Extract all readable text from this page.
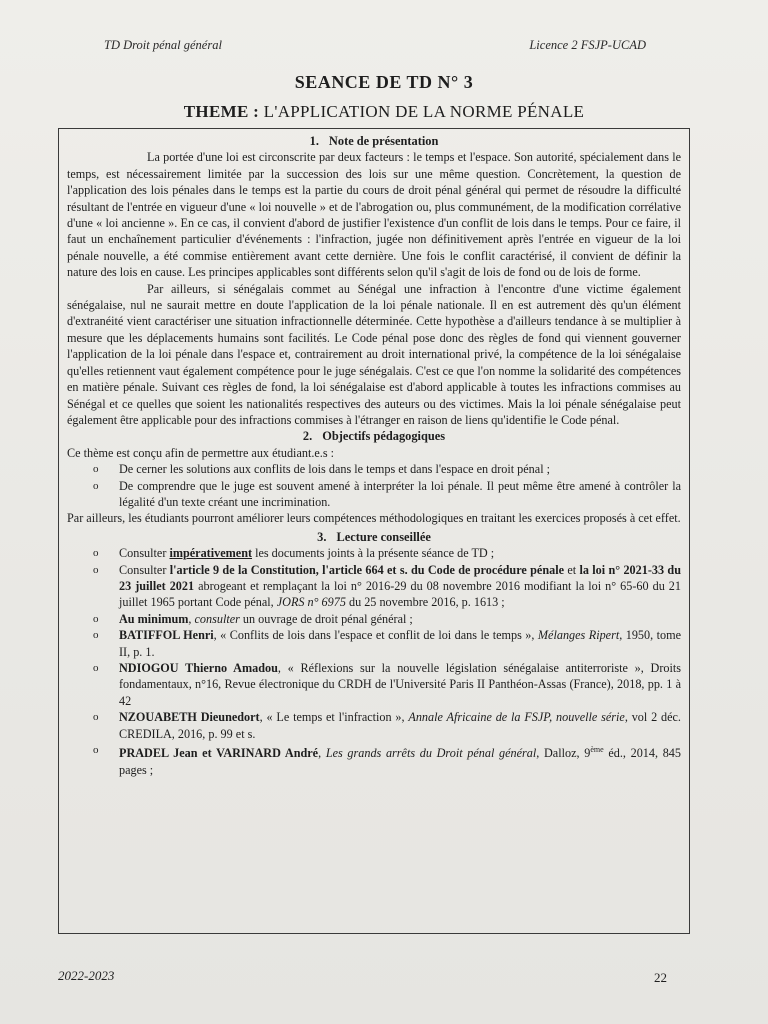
TD Droit pénal général	Licence 2 FSJP-UCAD
SEANCE DE TD N° 3
THEME : L'APPLICATION DE LA NORME PÉNALE
1. Note de présentation

La portée d'une loi est circonscrite par deux facteurs : le temps et l'espace. Son autorité, spécialement dans le temps, est nécessairement limitée par la succession des lois sur une même question. Concrètement, la question de l'application des lois pénales dans le temps est la partie du cours de droit pénal général qui permet de résoudre la difficulté résultant de l'entrée en vigueur d'une « loi nouvelle » et de l'abrogation ou, plus communément, de la modification corrélative d'une « loi ancienne ». En ce cas, il convient d'abord de justifier l'existence d'un conflit de lois dans le temps. Pour ce faire, il faut un enchaînement particulier d'événements : l'infraction, jugée non définitivement après l'entrée en vigueur de la loi pénale nouvelle, a été commise entièrement avant cette dernière. Une fois le conflit caractérisé, il convient de définir la nature des lois en cause. Les principes applicables sont différents selon qu'il s'agit de lois de fond ou de lois de forme.

Par ailleurs, si sénégalais commet au Sénégal une infraction à l'encontre d'une victime également sénégalaise, nul ne saurait mettre en doute l'application de la loi pénale nationale. Il en est autrement dès qu'un élément d'extranéité vient caractériser une situation infractionnelle déterminée. Cette hypothèse a d'ailleurs tendance à se multiplier à mesure que les déplacements humains sont facilités. Le Code pénal pose donc des règles de fond qui viennent gouverner l'application de la loi pénale dans l'espace et, contrairement au droit international privé, la compétence de la loi sénégalaise qu'elles retiennent vaut également compétence pour le juge sénégalais. C'est ce que l'on nomme la solidarité des compétences en matière pénale. Suivant ces règles de fond, la loi sénégalaise est d'abord applicable à toutes les infractions commises au Sénégal et ce quelles que soient les nationalités respectives des auteurs ou des victimes. Mais la loi pénale sénégalaise peut également être applicable pour des infractions commises à l'étranger en raison de liens qu'identifie le Code pénal.

2. Objectifs pédagogiques

Ce thème est conçu afin de permettre aux étudiant.e.s :

o De cerner les solutions aux conflits de lois dans le temps et dans l'espace en droit pénal ;
o De comprendre que le juge est souvent amené à interpréter la loi pénale. Il peut même être amené à contrôler la légalité d'un texte créant une incrimination.

Par ailleurs, les étudiants pourront améliorer leurs compétences méthodologiques en traitant les exercices proposés à cet effet.

3. Lecture conseillée
o Consulter impérativement les documents joints à la présente séance de TD ;
o Consulter l'article 9 de la Constitution, l'article 664 et s. du Code de procédure pénale et la loi n° 2021-33 du 23 juillet 2021 abrogeant et remplaçant la loi n° 2016-29 du 08 novembre 2016 modifiant la loi n° 65-60 du 21 juillet 1965 portant Code pénal, JORS n° 6975 du 25 novembre 2016, p. 1613 ;
o Au minimum, consulter un ouvrage de droit pénal général ;
o BATIFFOL Henri, « Conflits de lois dans l'espace et conflit de loi dans le temps », Mélanges Ripert, 1950, tome II, p. 1.
o NDIOGOU Thierno Amadou, « Réflexions sur la nouvelle législation sénégalaise antiterroriste », Droits fondamentaux, n°16, Revue électronique du CRDH de l'Université Paris II Panthéon-Assas (France), 2018, pp. 1 à 42
o NZOUABETH Dieunedort, « Le temps et l'infraction », Annale Africaine de la FSJP, nouvelle série, vol 2 déc. CREDILA, 2016, p. 99 et s.
o PRADEL Jean et VARINARD André, Les grands arrêts du Droit pénal général, Dalloz, 9ème éd., 2014, 845 pages ;
2022-2023	22
